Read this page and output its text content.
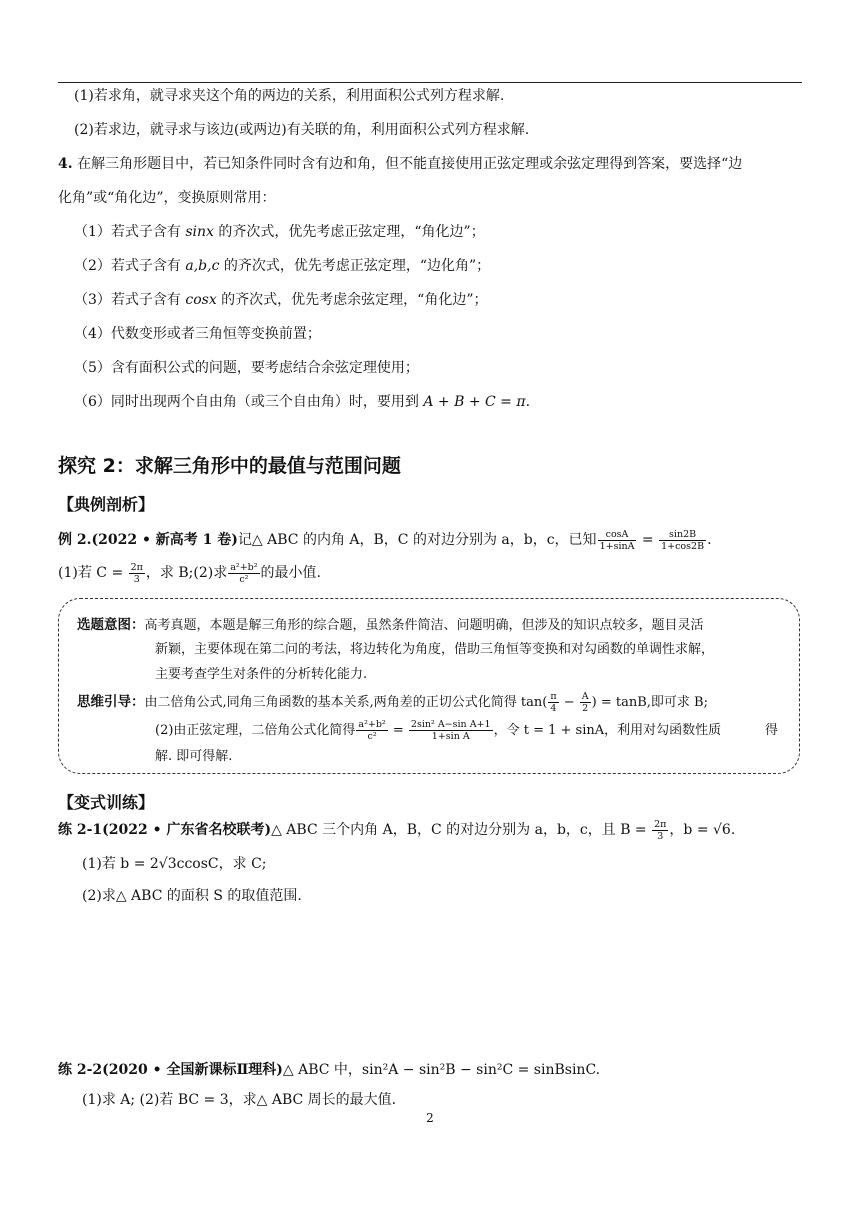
(1)若求角，就寻求夹这个角的两边的关系，利用面积公式列方程求解.
(2)若求边，就寻求与该边(或两边)有关联的角，利用面积公式列方程求解.
4. 在解三角形题目中，若已知条件同时含有边和角，但不能直接使用正弦定理或余弦定理得到答案，要选择“边
化角”或“角化边”，变换原则常用：
（1）若式子含有 sinx 的齐次式，优先考虑正弦定理，“角化边”；
（2）若式子含有 a,b,c 的齐次式，优先考虑正弦定理，“边化角”；
（3）若式子含有 cosx 的齐次式，优先考虑余弦定理，“角化边”；
（4）代数变形或者三角恒等变换前置；
（5）含有面积公式的问题，要考虑结合余弦定理使用；
（6）同时出现两个自由角（或三个自由角）时，要用到 A + B + C = π.
探究 2：求解三角形中的最值与范围问题
【典例剖析】
例 2.(2022 • 新高考 1 卷)记△ ABC 的内角 A，B，C 的对边分别为 a，b，c，已知 $\frac{\cos A}{1+\sin A} = \frac{\sin 2B}{1+\cos 2B}$ .
(1)若 $C = \frac{2\pi}{3}$ ，求 B;(2)求 $\frac{\text{a²+b²}}{\text{c²}}$ 的最小值.
选题意图：高考真题，本题是解三角形的综合题，虽然条件简洁、问题明确，但涉及的知识点较多，题目灵活
新颖，主要体现在第二问的考法，将边转化为角度，借助三角恒等变换和对勾函数的单调性求解，
主要考查学生对条件的分析转化能力.
思维引导：由二倍角公式,同角三角函数的基本关系,两角差的正切公式化简得 $\tan( \frac{\pi}{4} - \frac{A}{2}$ ) = tanB,即可求 B;
(2)由正弦定理，二倍角公式化简得 $\frac{\text{a²+b²}}{\text{c²}} = \frac{\text{2sin² A−sin A+1}}{\text{1+sin A}}$ ，令 t = 1 + sinA，利用对勾函数性质	得
解. 即可得解.
【变式训练】
练 2-1(2022 • 广东省名校联考)△ ABC 三个内角 A，B，C 的对边分别为 a，b，c，且 $B = \frac{2\pi}{3}$ ，b = √6.
(1)若 b = 2√3ccosC，求 C;
(2)求△ ABC 的面积 S 的取值范围.
练 2-2(2020 • 全国新课标Ⅱ理科)△ ABC 中，sin²A − sin²B − sin²C = sinBsinC.
(1)求 A; (2)若 BC = 3，求△ ABC 周长的最大值.
2
